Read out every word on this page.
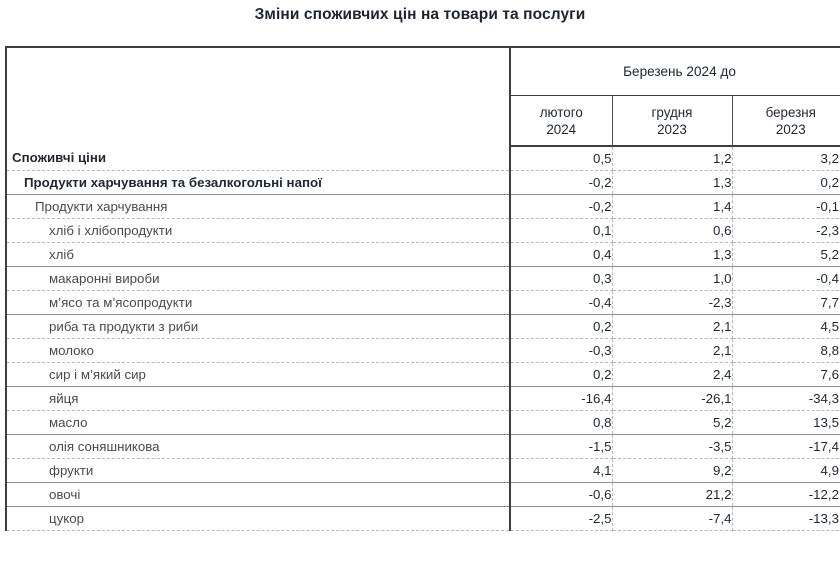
Зміни споживчих цін на товари та послуги
	Березень 2024 до		

лютого
2024

грудня
2023

березня
2023

Споживчі ціни	0,5	1,2	3,2
Продукти харчування та безалкогольні напої	-0,2	1,3	0,2
Продукти харчування	-0,2	1,4	-0,1
хліб і хлібопродукти	0,1	0,6	-2,3
хліб	0,4	1,3	5,2
макаронні вироби	0,3	1,0	-0,4
м’ясо та м’ясопродукти	-0,4	-2,3	7,7
риба та продукти з риби	0,2	2,1	4,5
молоко	-0,3	2,1	8,8
сир і м’який сир	0,2	2,4	7,6
яйця	-16,4	-26,1	-34,3
масло	0,8	5,2	13,5
олія соняшникова	-1,5	-3,5	-17,4
фрукти	4,1	9,2	4,9
овочі	-0,6	21,2	-12,2
цукор	-2,5	-7,4	-13,3
